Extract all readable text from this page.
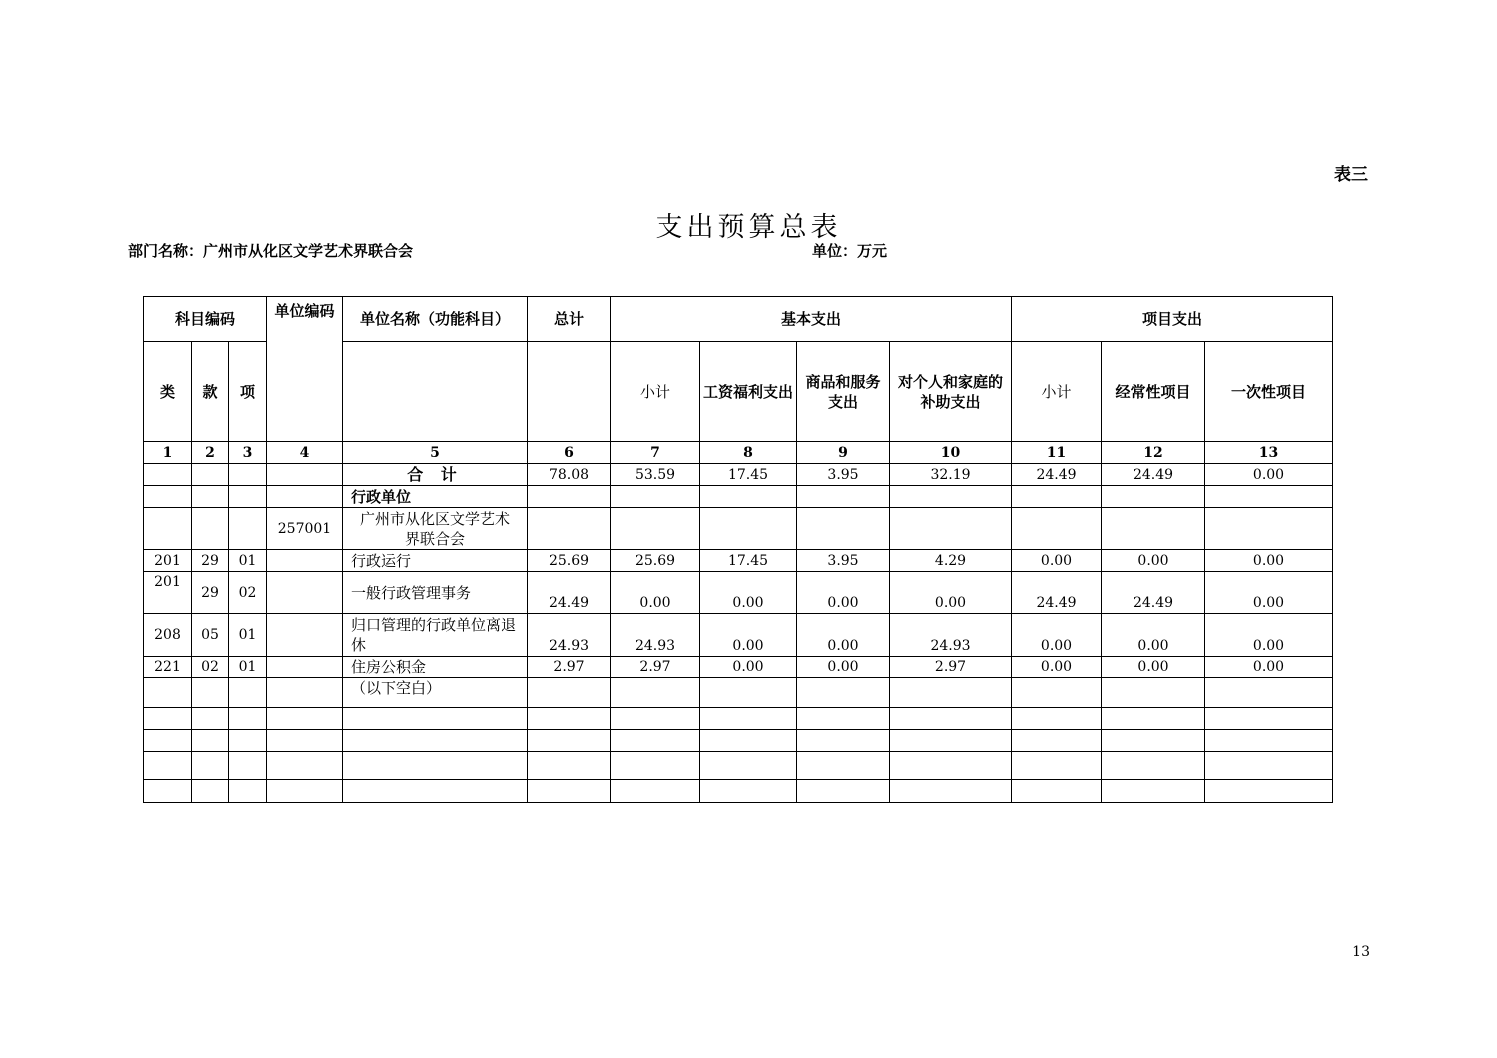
表三
支出预算总表
部门名称：广州市从化区文学艺术界联合会	单位：万元
科目编码			单位编码	单位名称（功能科目）	总计	基本支出				项目支出		
类	款	项				小计	工资福利支出	商品和服务支出	对个人和家庭的补助支出	小计	经常性项目	一次性项目
1	2	3	4	5	6	7	8	9	10	11	12	13
				合 计	78.08	53.59	17.45	3.95	32.19	24.49	24.49	0.00
				行政单位								
			257001	广州市从化区文学艺术界联合会								
201	29	01		行政运行	25.69	25.69	17.45	3.95	4.29	0.00	0.00	0.00
201	29	02		一般行政管理事务	24.49	0.00	0.00	0.00	0.00	24.49	24.49	0.00
208	05	01		归口管理的行政单位离退休	24.93	24.93	0.00	0.00	24.93	0.00	0.00	0.00
221	02	01		住房公积金	2.97	2.97	0.00	0.00	2.97	0.00	0.00	0.00
				（以下空白）								

13
